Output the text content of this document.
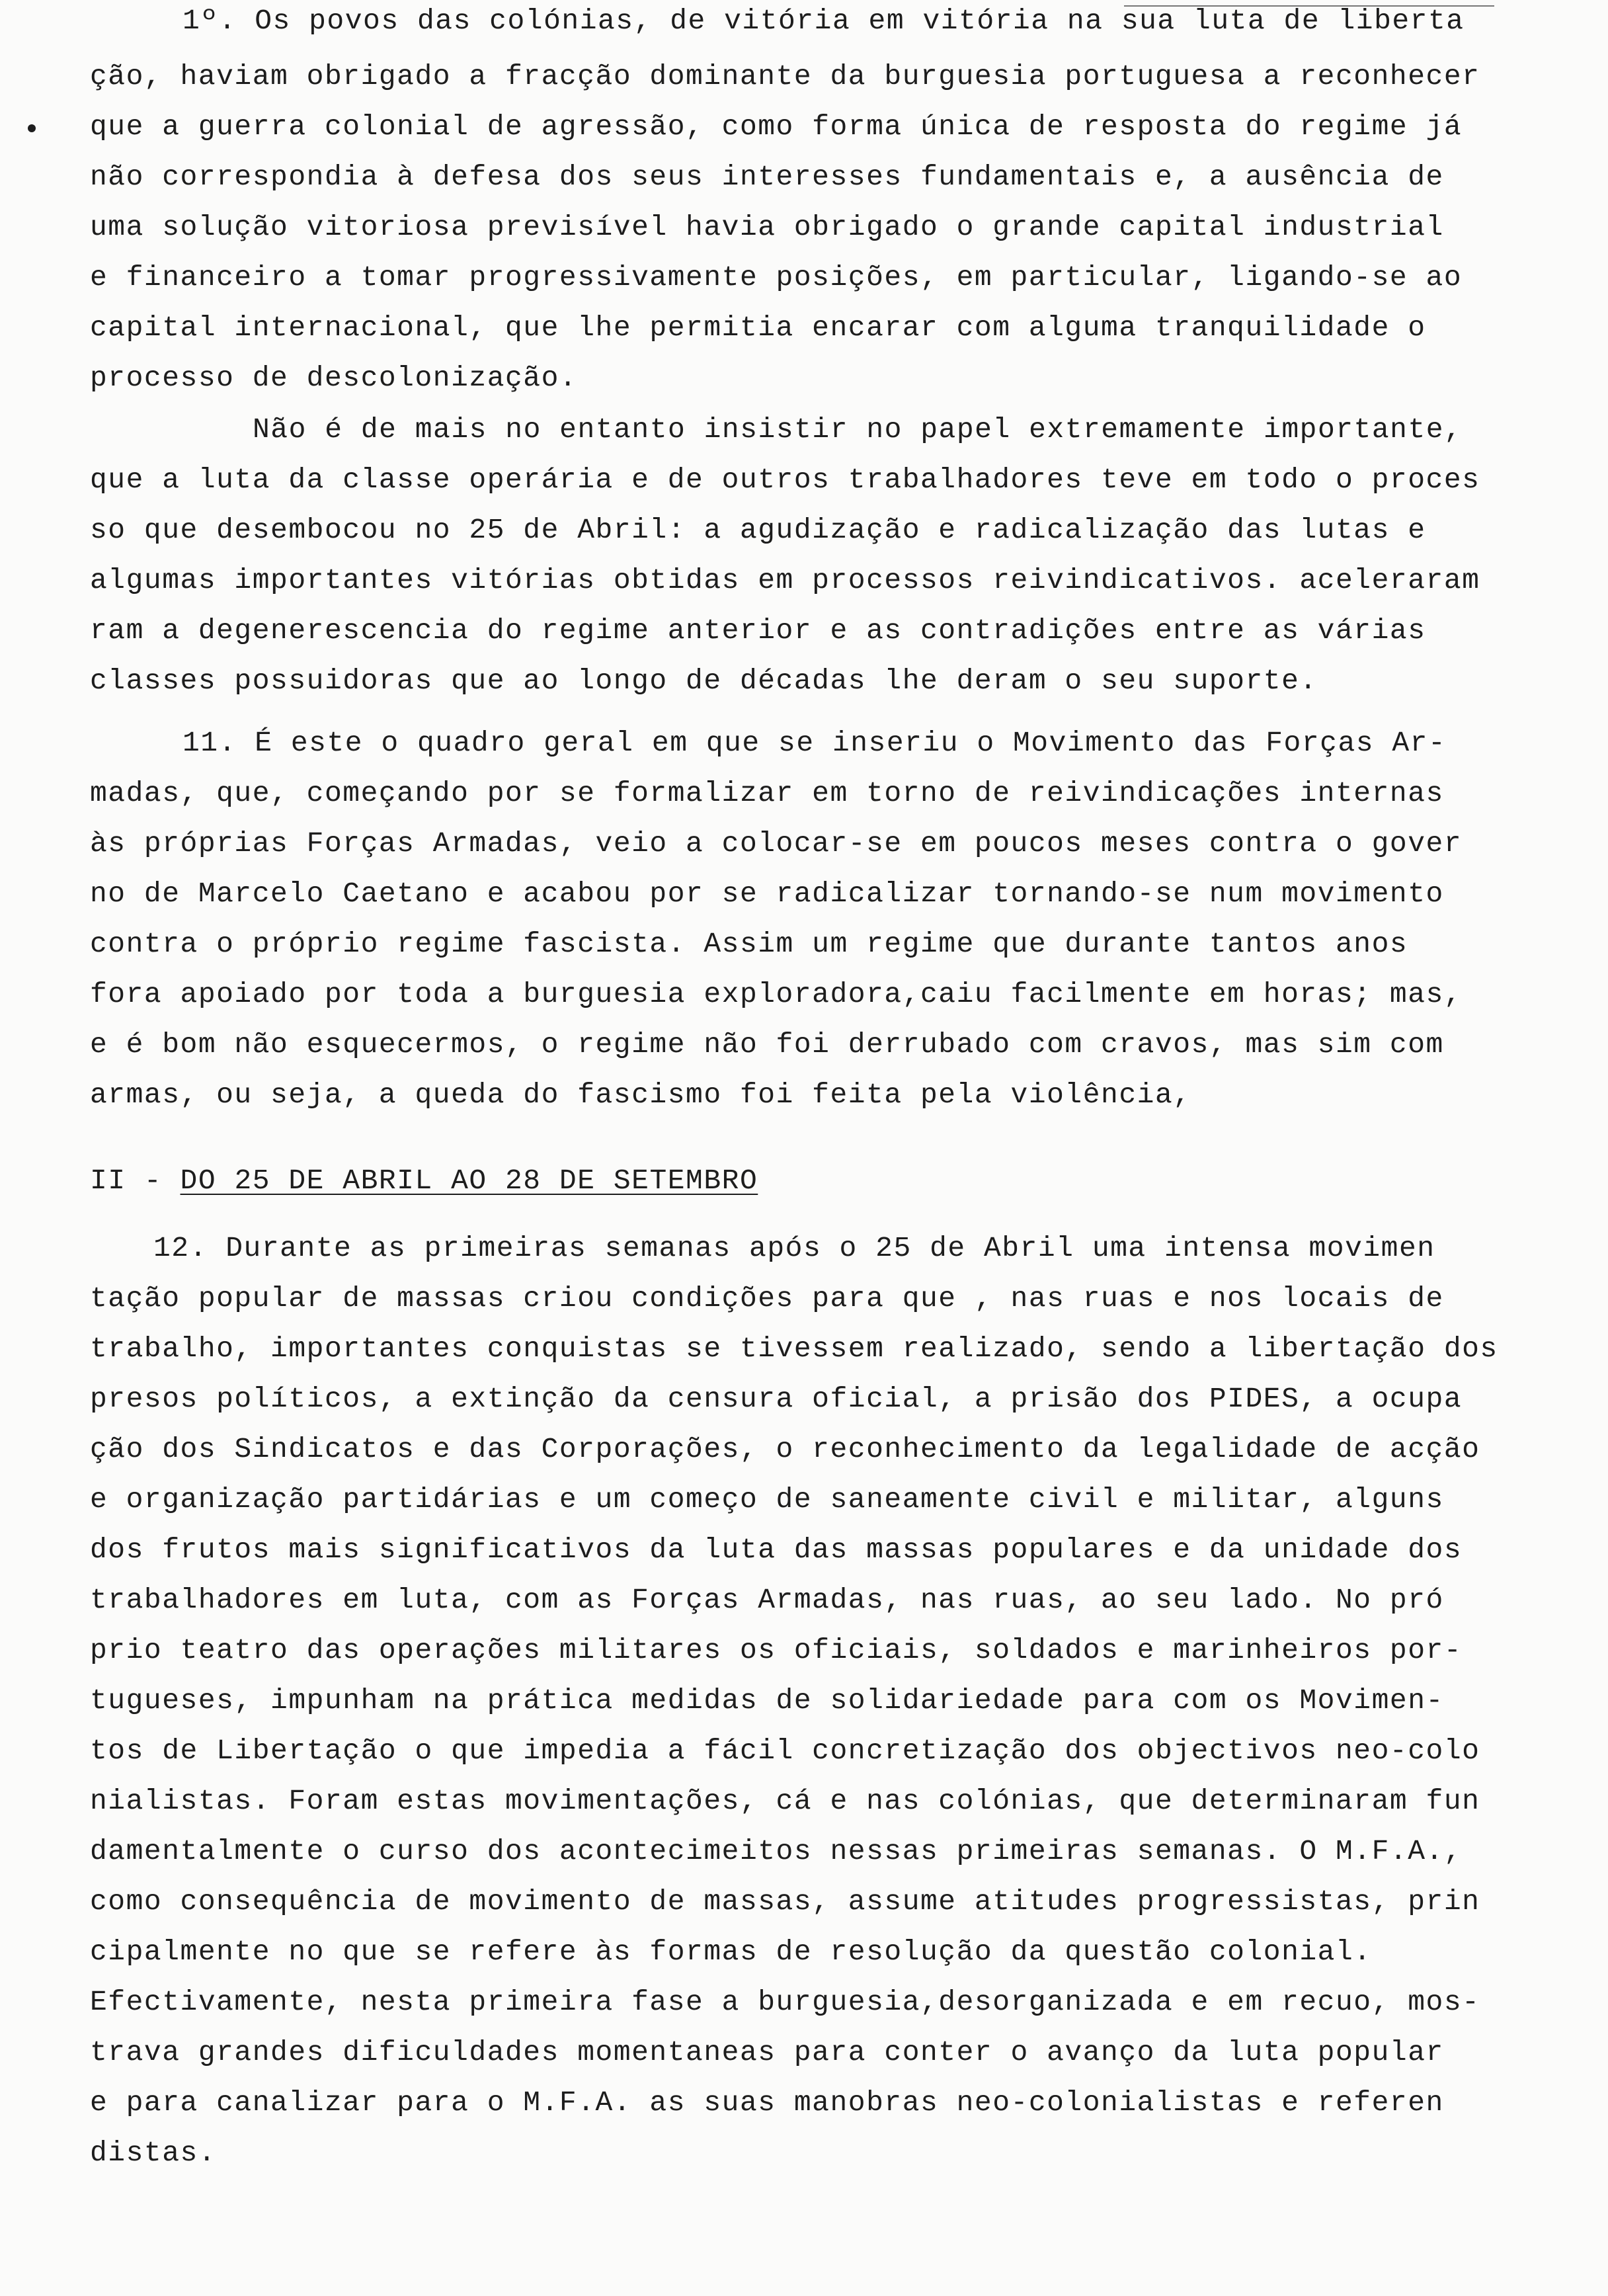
1º. Os povos das colónias, de vitória em vitória na sua luta de liberta
ção, haviam obrigado a fracção dominante da burguesia portuguesa a reconhecer
que a guerra colonial de agressão, como forma única de resposta do regime já
não correspondia à defesa dos seus interesses fundamentais e, a ausência de
uma solução vitoriosa previsível havia obrigado o grande capital industrial
e financeiro a tomar progressivamente posições, em particular, ligando-se ao
capital internacional, que lhe permitia encarar com alguma tranquilidade o
processo de descolonização.
Não é de mais no entanto insistir no papel extremamente importante,
que a luta da classe operária e de outros trabalhadores teve em todo o proces
so que desembocou no 25 de Abril: a agudização e radicalização das lutas e
algumas importantes vitórias obtidas em processos reivindicativos. aceleraram
ram a degenerescencia do regime anterior e as contradições entre as várias
classes possuidoras que ao longo de décadas lhe deram o seu suporte.
11. É este o quadro geral em que se inseriu o Movimento das Forças Ar-
madas, que, começando por se formalizar em torno de reivindicações internas
às próprias Forças Armadas, veio a colocar-se em poucos meses contra o gover
no de Marcelo Caetano e acabou por se radicalizar tornando-se num movimento
contra o próprio regime fascista. Assim um regime que durante tantos anos
fora apoiado por toda a burguesia exploradora,caiu facilmente em horas; mas,
e é bom não esquecermos, o regime não foi derrubado com cravos, mas sim com
armas, ou seja, a queda do fascismo foi feita pela violência,
II - DO 25 DE ABRIL AO 28 DE SETEMBRO
12. Durante as primeiras semanas após o 25 de Abril uma intensa movimen
tação popular de massas criou condições para que , nas ruas e nos locais de
trabalho, importantes conquistas se tivessem realizado, sendo a libertação dos
presos políticos, a extinção da censura oficial, a prisão dos PIDES, a ocupa
ção dos Sindicatos e das Corporações, o reconhecimento da legalidade de acção
e organização partidárias e um começo de saneamente civil e militar, alguns
dos frutos mais significativos da luta das massas populares e da unidade dos
trabalhadores em luta, com as Forças Armadas, nas ruas, ao seu lado. No pró
prio teatro das operações militares os oficiais, soldados e marinheiros por-
tugueses, impunham na prática medidas de solidariedade para com os Movimen-
tos de Libertação o que impedia a fácil concretização dos objectivos neo-colo
nialistas. Foram estas movimentações, cá e nas colónias, que determinaram fun
damentalmente o curso dos acontecimeitos nessas primeiras semanas. O M.F.A.,
como consequência de movimento de massas, assume atitudes progressistas, prin
cipalmente no que se refere às formas de resolução da questão colonial.
Efectivamente, nesta primeira fase a burguesia,desorganizada e em recuo, mos-
trava grandes dificuldades momentaneas para conter o avanço da luta popular
e para canalizar para o M.F.A. as suas manobras neo-colonialistas e referen
distas.
